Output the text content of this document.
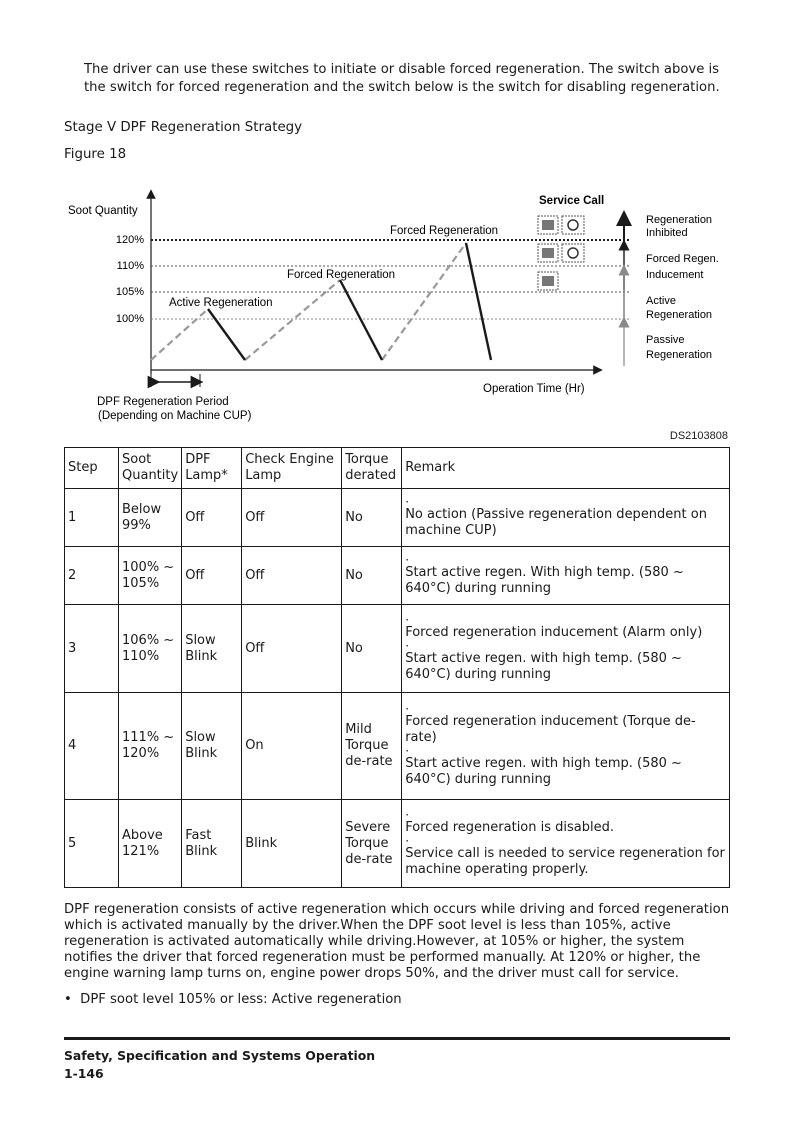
The driver can use these switches to initiate or disable forced regeneration. The switch above is the switch for forced regeneration and the switch below is the switch for disabling regeneration.
Stage V DPF Regeneration Strategy
Figure 18
Soot Quantity
Operation Time (Hr)
120%
110%
105%
100%
Forced Regeneration
Forced Regeneration
Active Regeneration
DPF Regeneration Period
(Depending on Machine CUP)
Service Call
Regeneration
Inhibited
Forced Regen.
Inducement
Active
Regeneration
Passive
Regeneration
DS2103808
Step	Soot Quantity	DPF Lamp*	Check Engine Lamp	Torque derated	Remark
1	Below 99%	Off	Off	No	·
No action (Passive regeneration dependent on machine CUP)
2	100% ~ 105%	Off	Off	No	·
Start active regen. With high temp. (580 ~ 640°C) during running
3	106% ~ 110%	Slow Blink	Off	No	·
Forced regeneration inducement (Alarm only)
·
Start active regen. with high temp. (580 ~ 640°C) during running
4	111% ~ 120%	Slow Blink	On	Mild Torque de-rate	·
Forced regeneration inducement (Torque de-rate)
·
Start active regen. with high temp. (580 ~ 640°C) during running
5	Above 121%	Fast Blink	Blink	Severe Torque de-rate	·
Forced regeneration is disabled.
·
Service call is needed to service regeneration for machine operating properly.
DPF regeneration consists of active regeneration which occurs while driving and forced regeneration which is activated manually by the driver.When the DPF soot level is less than 105%, active regeneration is activated automatically while driving.However, at 105% or higher, the system notifies the driver that forced regeneration must be performed manually. At 120% or higher, the engine warning lamp turns on, engine power drops 50%, and the driver must call for service.
• DPF soot level 105% or less: Active regeneration
Safety, Specification and Systems Operation
1-146
